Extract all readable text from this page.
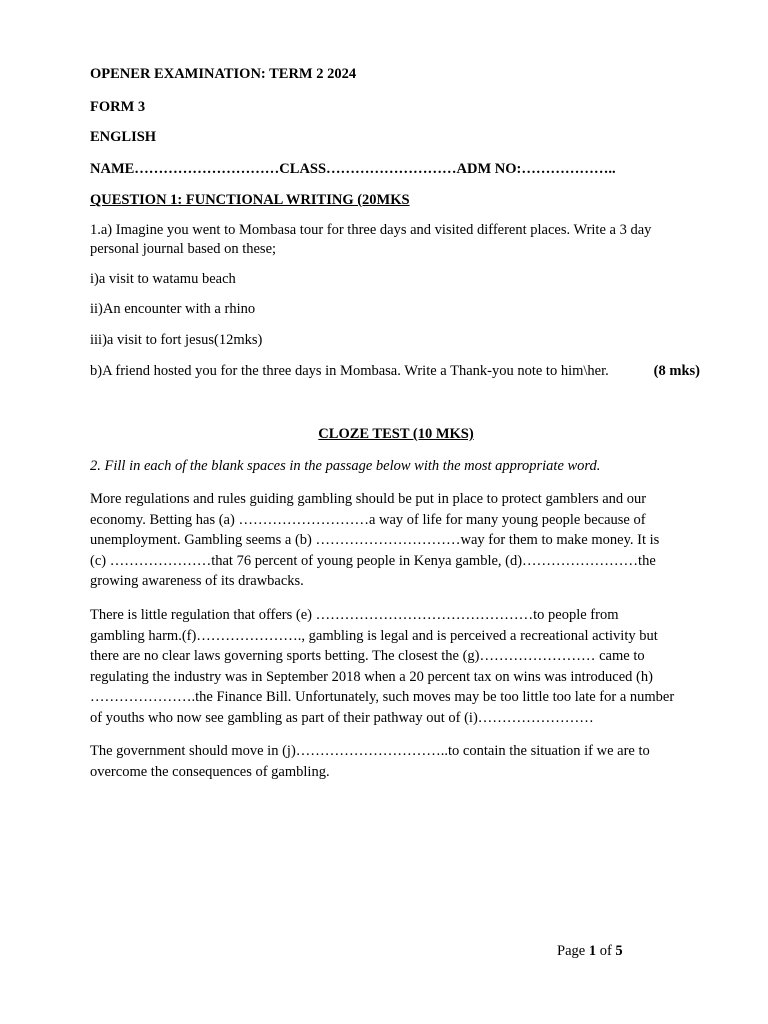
OPENER EXAMINATION: TERM 2 2024
FORM 3
ENGLISH
NAME…………………………CLASS………………………ADM NO:………………..
QUESTION 1: FUNCTIONAL WRITING (20MKS
1.a) Imagine you went to Mombasa tour for three days and visited different places. Write a 3 day
personal journal based on these;
i)a visit to watamu beach
ii)An encounter with a rhino
iii)a visit to fort jesus(12mks)
b)A friend hosted you for the three days in Mombasa. Write a Thank-you note to him\her.	(8 mks)
CLOZE TEST (10 MKS)
2. Fill in each of the blank spaces in the passage below with the most appropriate word.
More regulations and rules guiding gambling should be put in place to protect gamblers and our
economy. Betting has (a) ………………………a way of life for many young people because of
unemployment. Gambling seems a (b) …………………………way for them to make money. It is
(c) …………………that 76 percent of young people in Kenya gamble, (d)……………………the
growing awareness of its drawbacks.
There is little regulation that offers (e) ………………………………………to people from
gambling harm.(f)…………………., gambling is legal and is perceived a recreational activity but
there are no clear laws governing sports betting. The closest the (g)…………………… came to
regulating the industry was in September 2018 when a 20 percent tax on wins was introduced (h)
………………….the Finance Bill. Unfortunately, such moves may be too little too late for a number
of youths who now see gambling as part of their pathway out of (i)……………………
The government should move in (j)…………………………..to contain the situation if we are to
overcome the consequences of gambling.
Page 1 of 5
